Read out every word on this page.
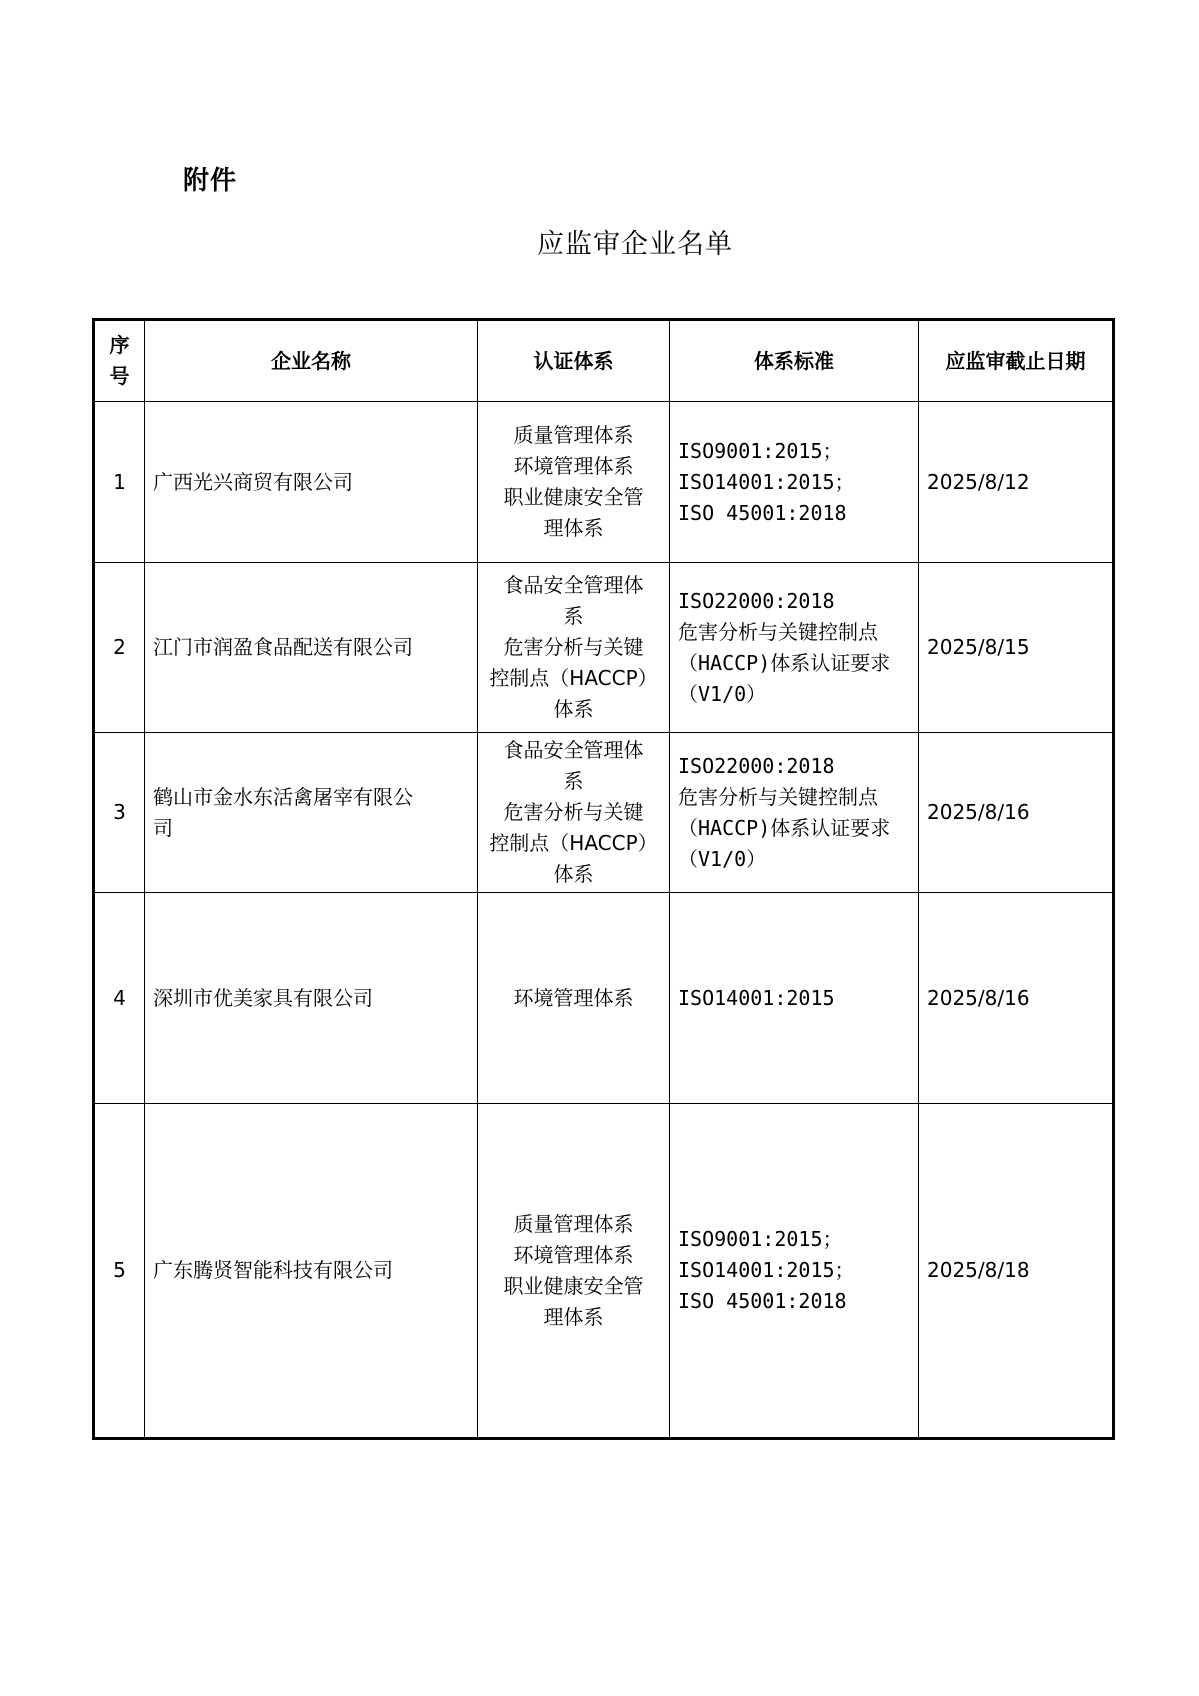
附件
应监审企业名单
序
号	企业名称	认证体系	体系标准	应监审截止日期
1	广西光兴商贸有限公司	质量管理体系
环境管理体系
职业健康安全管
理体系	ISO9001:2015；
ISO14001:2015；
ISO 45001:2018	2025/8/12
2	江门市润盈食品配送有限公司	食品安全管理体
系
危害分析与关键
控制点（HACCP）
体系	ISO22000:2018
危害分析与关键控制点
（HACCP)体系认证要求
（V1/0）	2025/8/15
3	鹤山市金水东活禽屠宰有限公
司	食品安全管理体
系
危害分析与关键
控制点（HACCP）
体系	ISO22000:2018
危害分析与关键控制点
（HACCP)体系认证要求
（V1/0）	2025/8/16
4	深圳市优美家具有限公司	环境管理体系	ISO14001:2015	2025/8/16
5	广东腾贤智能科技有限公司	质量管理体系
环境管理体系
职业健康安全管
理体系	ISO9001:2015；
ISO14001:2015；
ISO 45001:2018	2025/8/18
